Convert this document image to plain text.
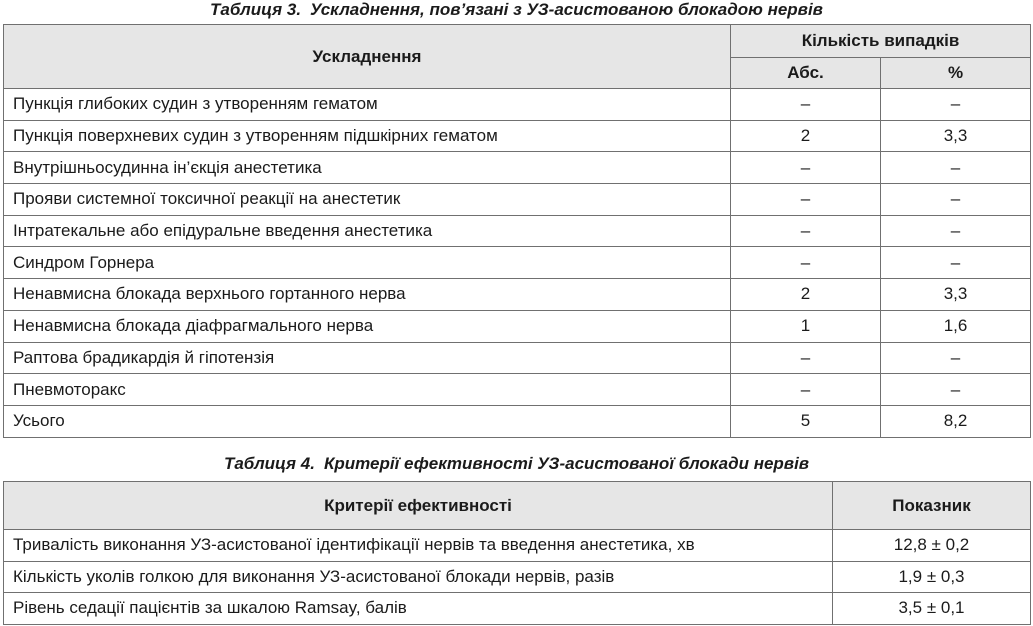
Таблиця 3. Ускладнення, пов’язані з УЗ-асистованою блокадою нервів
Ускладнення	Кількість випадків	
	Абс.	%
Пункція глибоких судин з утворенням гематом	–	–
Пункція поверхневих судин з утворенням підшкірних гематом	2	3,3
Внутрішньосудинна ін’єкція анестетика	–	–
Прояви системної токсичної реакції на анестетик	–	–
Інтратекальне або епідуральне введення анестетика	–	–
Синдром Горнера	–	–
Ненавмисна блокада верхнього гортанного нерва	2	3,3
Ненавмисна блокада діафрагмального нерва	1	1,6
Раптова брадикардія й гіпотензія	–	–
Пневмоторакс	–	–
Усього	5	8,2
Таблиця 4. Критерії ефективності УЗ-асистованої блокади нервів
Критерії ефективності	Показник
Тривалість виконання УЗ-асистованої ідентифікації нервів та введення анестетика, хв	12,8 ± 0,2
Кількість уколів голкою для виконання УЗ-асистованої блокади нервів, разів	1,9 ± 0,3
Рівень седації пацієнтів за шкалою Ramsay, балів	3,5 ± 0,1
